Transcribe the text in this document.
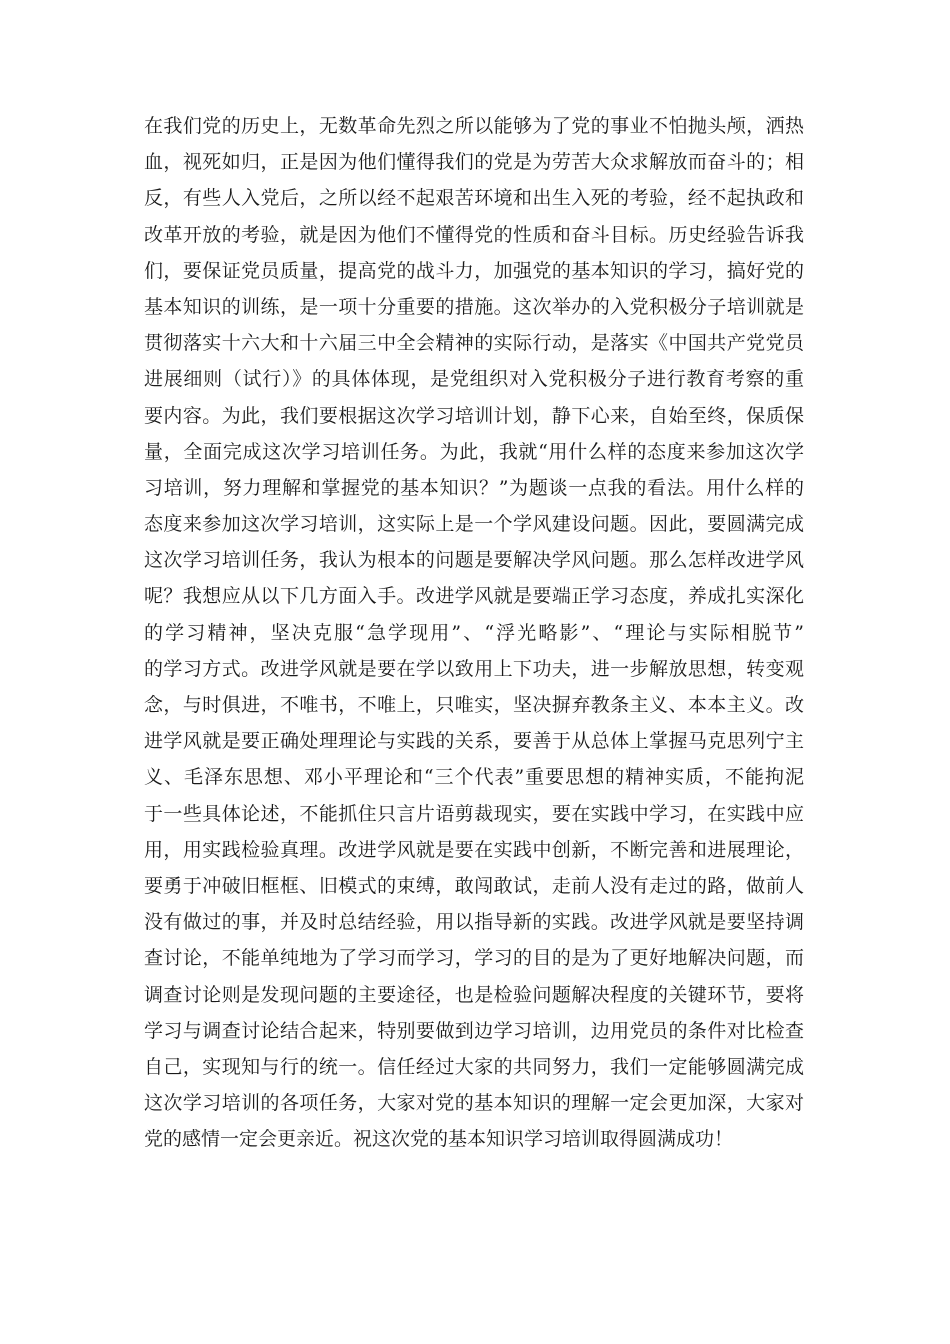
在我们党的历史上，无数革命先烈之所以能够为了党的事业不怕抛头颅，洒热
血，视死如归，正是因为他们懂得我们的党是为劳苦大众求解放而奋斗的；相
反，有些人入党后，之所以经不起艰苦环境和出生入死的考验，经不起执政和
改革开放的考验，就是因为他们不懂得党的性质和奋斗目标。历史经验告诉我
们，要保证党员质量，提高党的战斗力，加强党的基本知识的学习，搞好党的
基本知识的训练，是一项十分重要的措施。这次举办的入党积极分子培训就是
贯彻落实十六大和十六届三中全会精神的实际行动，是落实《中国共产党党员
进展细则（试行）》的具体体现，是党组织对入党积极分子进行教育考察的重
要内容。为此，我们要根据这次学习培训计划，静下心来，自始至终，保质保
量，全面完成这次学习培训任务。为此，我就“用什么样的态度来参加这次学
习培训，努力理解和掌握党的基本知识？”为题谈一点我的看法。用什么样的
态度来参加这次学习培训，这实际上是一个学风建设问题。因此，要圆满完成
这次学习培训任务，我认为根本的问题是要解决学风问题。那么怎样改进学风
呢？我想应从以下几方面入手。改进学风就是要端正学习态度，养成扎实深化
的学习精神，坚决克服“急学现用”、“浮光略影”、“理论与实际相脱节”
的学习方式。改进学风就是要在学以致用上下功夫，进一步解放思想，转变观
念，与时俱进，不唯书，不唯上，只唯实，坚决摒弃教条主义、本本主义。改
进学风就是要正确处理理论与实践的关系，要善于从总体上掌握马克思列宁主
义、毛泽东思想、邓小平理论和“三个代表”重要思想的精神实质，不能拘泥
于一些具体论述，不能抓住只言片语剪裁现实，要在实践中学习，在实践中应
用，用实践检验真理。改进学风就是要在实践中创新，不断完善和进展理论，
要勇于冲破旧框框、旧模式的束缚，敢闯敢试，走前人没有走过的路，做前人
没有做过的事，并及时总结经验，用以指导新的实践。改进学风就是要坚持调
查讨论，不能单纯地为了学习而学习，学习的目的是为了更好地解决问题，而
调查讨论则是发现问题的主要途径，也是检验问题解决程度的关键环节，要将
学习与调查讨论结合起来，特别要做到边学习培训，边用党员的条件对比检查
自己，实现知与行的统一。信任经过大家的共同努力，我们一定能够圆满完成
这次学习培训的各项任务，大家对党的基本知识的理解一定会更加深，大家对
党的感情一定会更亲近。祝这次党的基本知识学习培训取得圆满成功！
